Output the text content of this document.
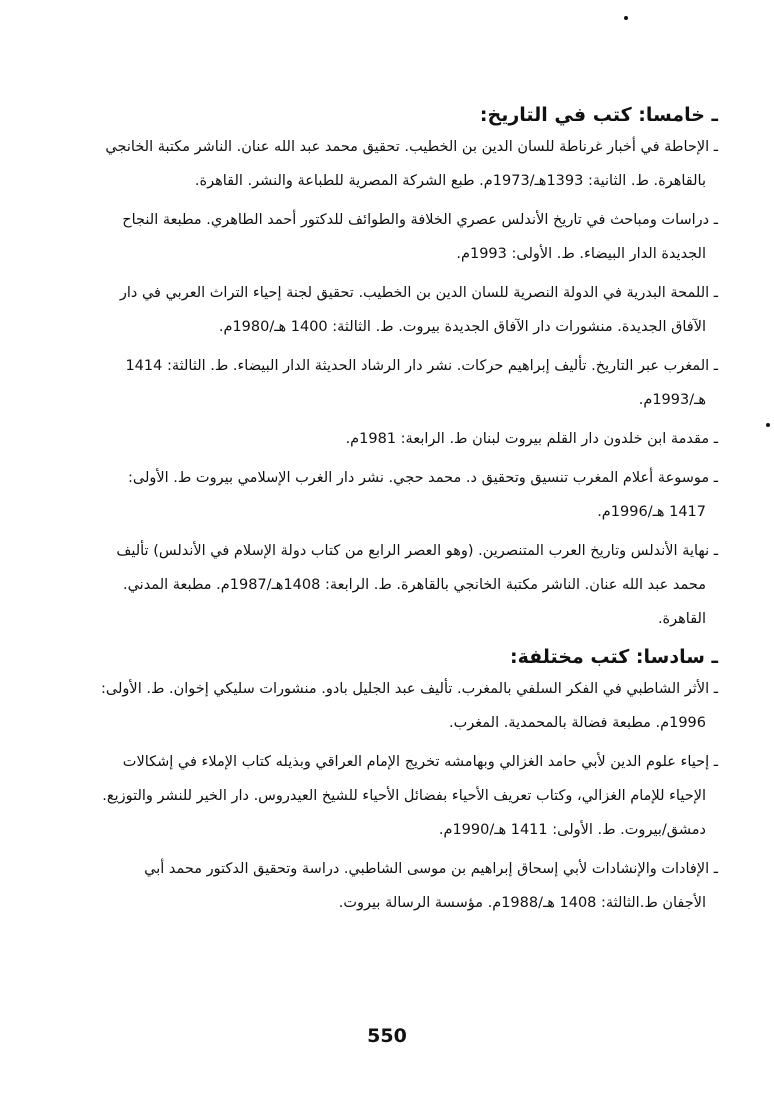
ـ خامسا: كتب في التاريخ:

ـ الإحاطة في أخبار غرناطة للسان الدين بن الخطيب. تحقيق محمد عبد الله عنان. الناشر مكتبة الخانجي بالقاهرة. ط. الثانية: 1393هـ/1973م. طبع الشركة المصرية للطباعة والنشر. القاهرة.

ـ دراسات ومباحث في تاريخ الأندلس عصري الخلافة والطوائف للدكتور أحمد الطاهري. مطبعة النجاح الجديدة الدار البيضاء. ط. الأولى: 1993م.

ـ اللمحة البدرية في الدولة النصرية للسان الدين بن الخطيب. تحقيق لجنة إحياء التراث العربي في دار الآفاق الجديدة. منشورات دار الآفاق الجديدة بيروت. ط. الثالثة: 1400 هـ/1980م.

ـ المغرب عبر التاريخ. تأليف إبراهيم حركات. نشر دار الرشاد الحديثة الدار البيضاء. ط. الثالثة: 1414 هـ/1993م.

ـ مقدمة ابن خلدون دار القلم بيروت لبنان ط. الرابعة: 1981م.

ـ موسوعة أعلام المغرب تنسيق وتحقيق د. محمد حجي. نشر دار الغرب الإسلامي بيروت ط. الأولى: 1417 هـ/1996م.

ـ نهاية الأندلس وتاريخ العرب المتنصرين. (وهو العصر الرابع من كتاب دولة الإسلام في الأندلس) تأليف محمد عبد الله عنان. الناشر مكتبة الخانجي بالقاهرة. ط. الرابعة: 1408هـ/1987م. مطبعة المدني. القاهرة.

ـ سادسا: كتب مختلفة:

ـ الأثر الشاطبي في الفكر السلفي بالمغرب. تأليف عبد الجليل بادو. منشورات سليكي إخوان. ط. الأولى: 1996م. مطبعة فضالة بالمحمدية. المغرب.

ـ إحياء علوم الدين لأبي حامد الغزالي وبهامشه تخريج الإمام العراقي وبذيله كتاب الإملاء في إشكالات الإحياء للإمام الغزالي، وكتاب تعريف الأحياء بفضائل الأحياء للشيخ العيدروس. دار الخير للنشر والتوزيع. دمشق/بيروت. ط. الأولى: 1411 هـ/1990م.

ـ الإفادات والإنشادات لأبي إسحاق إبراهيم بن موسى الشاطبي. دراسة وتحقيق الدكتور محمد أبي الأجفان ط.الثالثة: 1408 هـ/1988م. مؤسسة الرسالة بيروت.

550
